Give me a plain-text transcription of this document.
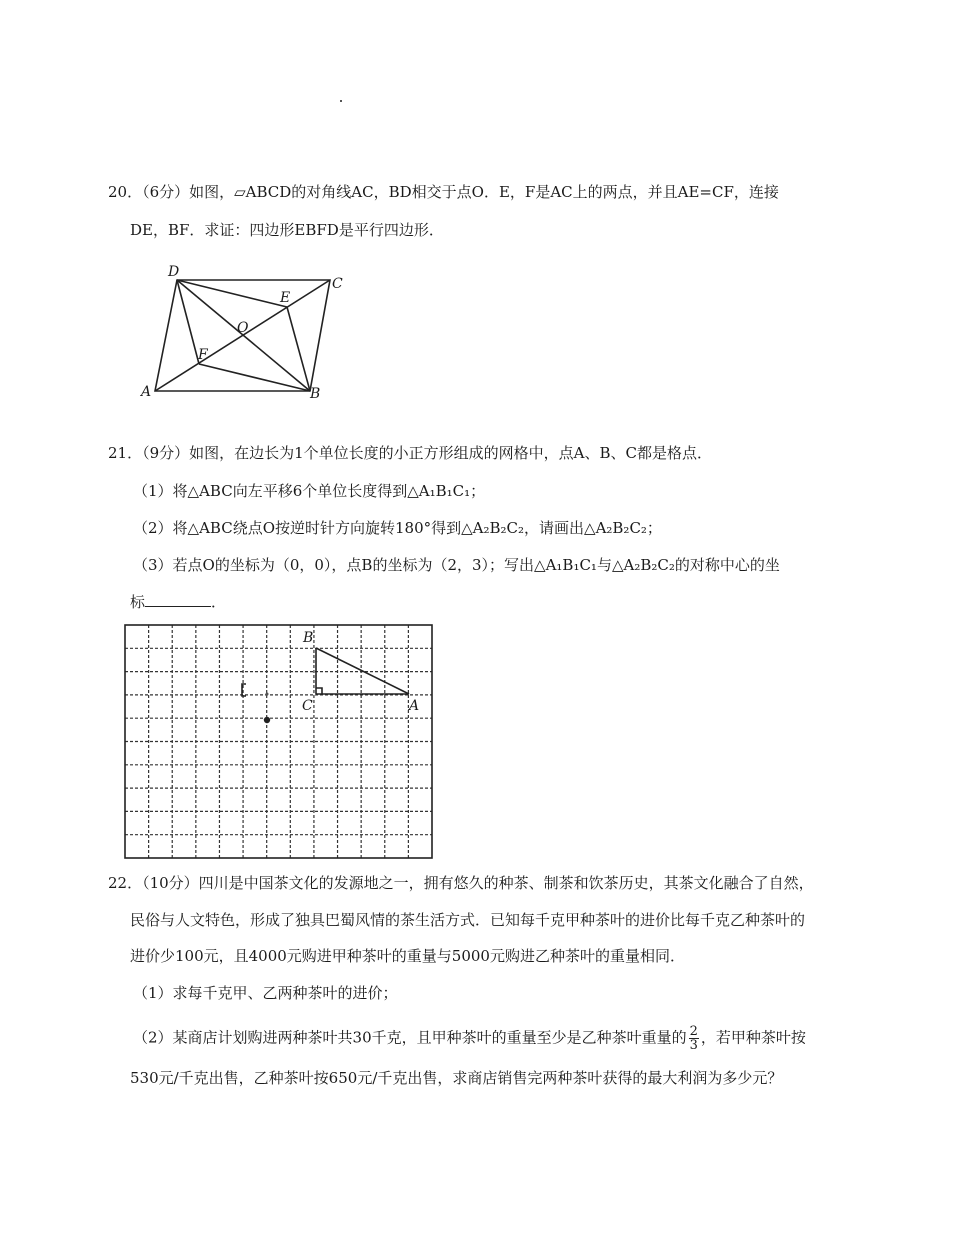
20．（6分）如图，▱ABCD的对角线AC，BD相交于点O．E，F是AC上的两点，并且AE=CF，连接
DE，BF．求证：四边形EBFD是平行四边形．
D
C
E
O
F
A	B
21．（9分）如图，在边长为1个单位长度的小正方形组成的网格中，点A、B、C都是格点．
（1）将△ABC向左平移6个单位长度得到△A₁B₁C₁；
（2）将△ABC绕点O按逆时针方向旋转180°得到△A₂B₂C₂，请画出△A₂B₂C₂；
（3）若点O的坐标为（0，0），点B的坐标为（2，3）；写出△A₁B₁C₁与△A₂B₂C₂的对称中心的坐
标	．
B
C	A
22．（10分）四川是中国茶文化的发源地之一，拥有悠久的种茶、制茶和饮茶历史，其茶文化融合了自然，
民俗与人文特色，形成了独具巴蜀风情的茶生活方式．已知每千克甲种茶叶的进价比每千克乙种茶叶的
进价少100元，且4000元购进甲种茶叶的重量与5000元购进乙种茶叶的重量相同．
（1）求每千克甲、乙两种茶叶的进价；
（2）某商店计划购进两种茶叶共30千克，且甲种茶叶的重量至少是乙种茶叶重量的 $\frac{2}{3}$ ，若甲种茶叶按
530元/千克出售，乙种茶叶按650元/千克出售，求商店销售完两种茶叶获得的最大利润为多少元？
